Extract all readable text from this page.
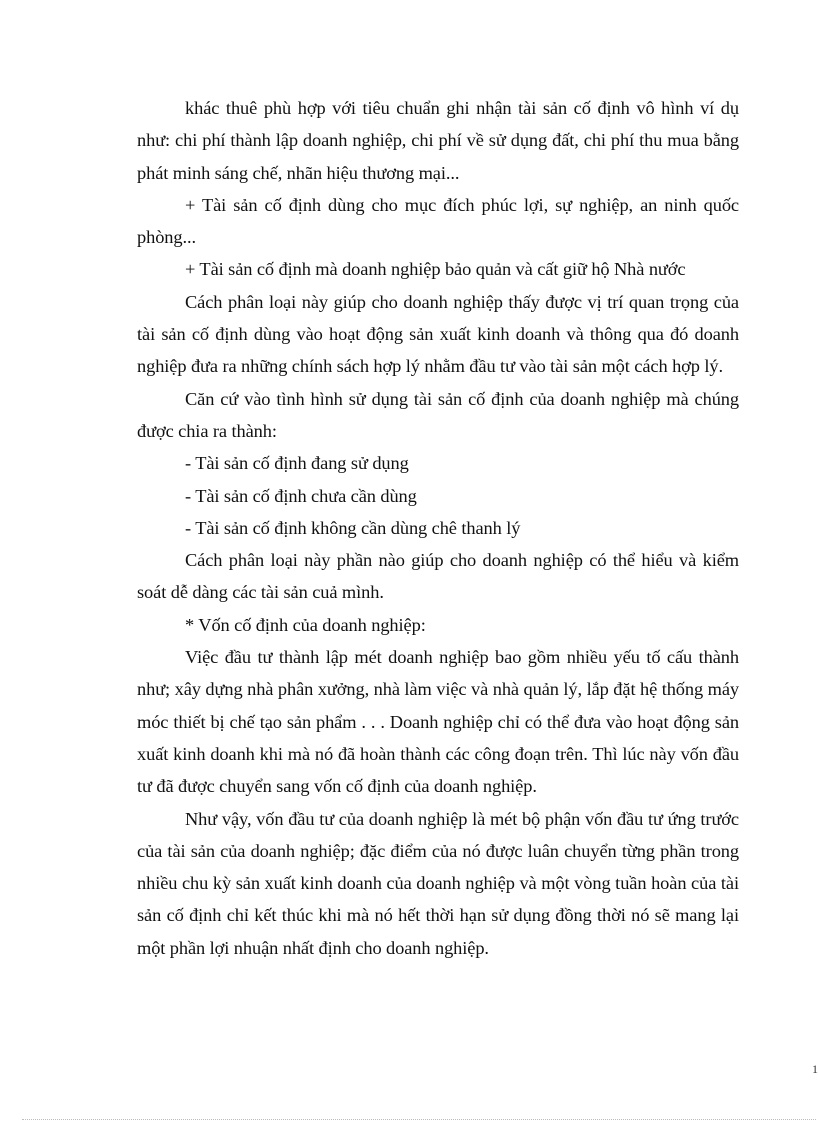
khác thuê phù hợp với tiêu chuẩn ghi nhận tài sản cố định vô hình ví dụ như: chi phí thành lập doanh nghiệp, chi phí về sử dụng đất, chi phí thu mua bằng phát minh sáng chế, nhãn hiệu thương mại...

+ Tài sản cố định dùng cho mục đích phúc lợi, sự nghiệp, an ninh quốc phòng...

+ Tài sản cố định mà doanh nghiệp bảo quản và cất giữ hộ Nhà nước

Cách phân loại này giúp cho doanh nghiệp thấy được vị trí quan trọng của tài sản cố định dùng vào hoạt động sản xuất kinh doanh và thông qua đó doanh nghiệp đưa ra những chính sách hợp lý nhằm đầu tư vào tài sản một cách hợp lý.

Căn cứ vào tình hình sử dụng tài sản cố định của doanh nghiệp mà chúng được chia ra thành:

- Tài sản cố định đang sử dụng

- Tài sản cố định chưa cần dùng

- Tài sản cố định không cần dùng chê thanh lý

Cách phân loại này phần nào giúp cho doanh nghiệp có thể hiểu và kiểm soát dễ dàng các tài sản cuả mình.

* Vốn cố định của doanh nghiệp:

Việc đầu tư thành lập mét doanh nghiệp bao gồm nhiều yếu tố cấu thành như; xây dựng nhà phân xưởng, nhà làm việc và nhà quản lý, lắp đặt hệ thống máy móc thiết bị chế tạo sản phẩm . . . Doanh nghiệp chỉ có thể đưa vào hoạt động sản xuất kinh doanh khi mà nó đã hoàn thành các công đoạn trên. Thì lúc này vốn đầu tư đã được chuyển sang vốn cố định của doanh nghiệp.

Như vậy, vốn đầu tư của doanh nghiệp là mét bộ phận vốn đầu tư ứng trước của tài sản của doanh nghiệp; đặc điểm của nó được luân chuyển từng phần trong nhiều chu kỳ sản xuất kinh doanh của doanh nghiệp và một vòng tuần hoàn của tài sản cố định chỉ kết thúc khi mà nó hết thời hạn sử dụng đồng thời nó sẽ mang lại một phần lợi nhuận nhất định cho doanh nghiệp.

1
